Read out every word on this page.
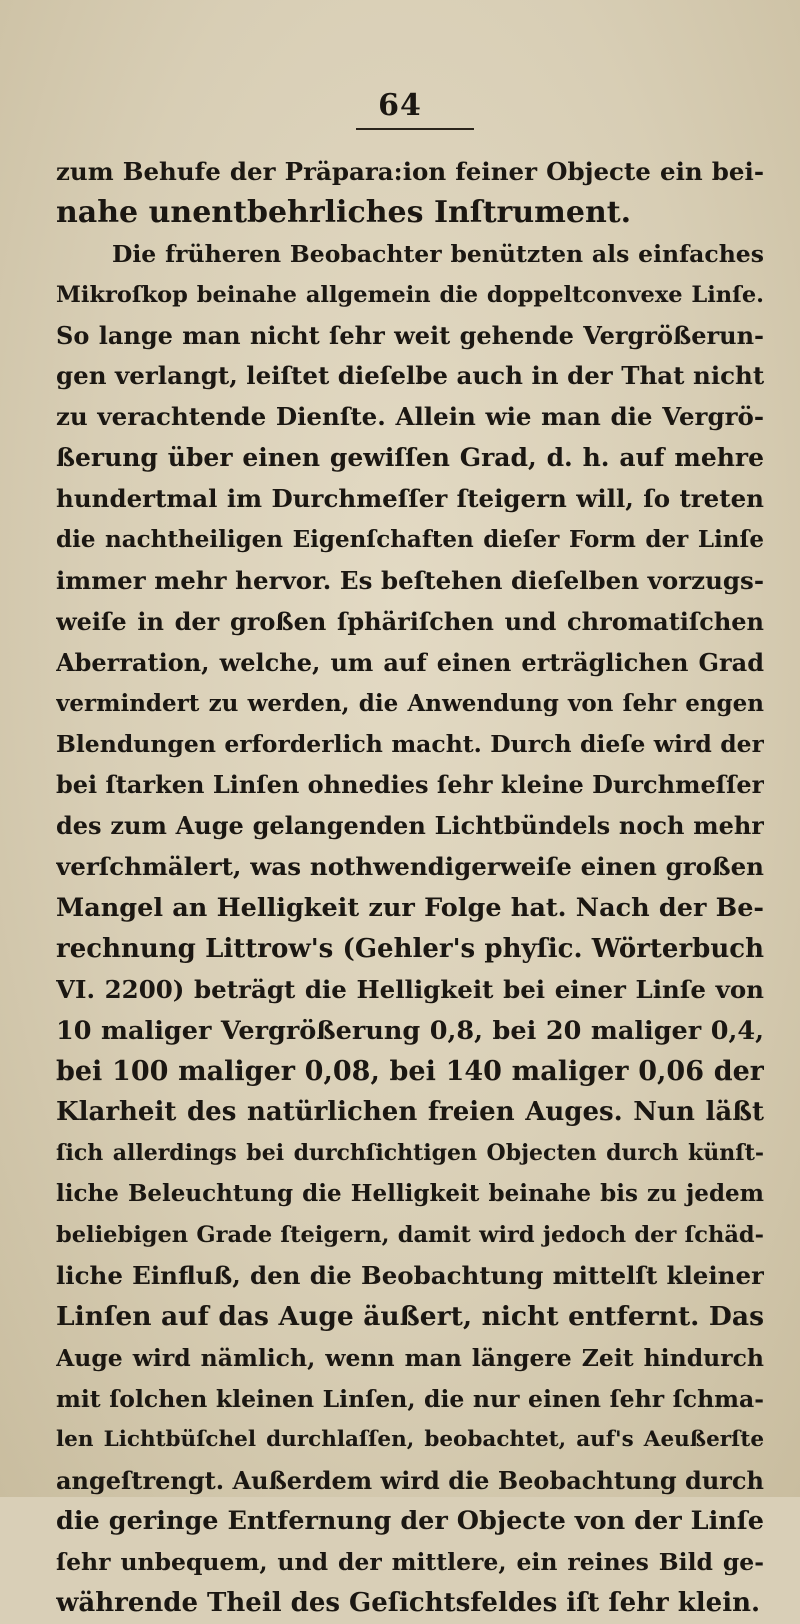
64
zum Behufe der Präpara:ion feiner Objecte ein bei-
nahe unentbehrliches Inſtrument.
Die früheren Beobachter benützten als einfaches
Mikroſkop beinahe allgemein die doppeltconvexe Linſe.
So lange man nicht ſehr weit gehende Vergrößerun-
gen verlangt, leiſtet dieſelbe auch in der That nicht
zu verachtende Dienſte. Allein wie man die Vergrö-
ßerung über einen gewiſſen Grad, d. h. auf mehre
hundertmal im Durchmeſſer ſteigern will, ſo treten
die nachtheiligen Eigenſchaften dieſer Form der Linſe
immer mehr hervor. Es beſtehen dieſelben vorzugs-
weiſe in der großen ſphäriſchen und chromatiſchen
Aberration, welche, um auf einen erträglichen Grad
vermindert zu werden, die Anwendung von ſehr engen
Blendungen erforderlich macht. Durch dieſe wird der
bei ſtarken Linſen ohnedies ſehr kleine Durchmeſſer
des zum Auge gelangenden Lichtbündels noch mehr
verſchmälert, was nothwendigerweiſe einen großen
Mangel an Helligkeit zur Folge hat. Nach der Be-
rechnung Littrow's (Gehler's phyſic. Wörterbuch
VI. 2200) beträgt die Helligkeit bei einer Linſe von
10 maliger Vergrößerung 0,8, bei 20 maliger 0,4,
bei 100 maliger 0,08, bei 140 maliger 0,06 der
Klarheit des natürlichen freien Auges. Nun läßt
ſich allerdings bei durchſichtigen Objecten durch künſt-
liche Beleuchtung die Helligkeit beinahe bis zu jedem
beliebigen Grade ſteigern, damit wird jedoch der ſchäd-
liche Einfluß, den die Beobachtung mittelſt kleiner
Linſen auf das Auge äußert, nicht entfernt. Das
Auge wird nämlich, wenn man längere Zeit hindurch
mit ſolchen kleinen Linſen, die nur einen ſehr ſchma-
len Lichtbüſchel durchlaſſen, beobachtet, auf's Aeußerſte
angeſtrengt. Außerdem wird die Beobachtung durch
die geringe Entfernung der Objecte von der Linſe
ſehr unbequem, und der mittlere, ein reines Bild ge-
währende Theil des Geſichtsfeldes iſt ſehr klein.
